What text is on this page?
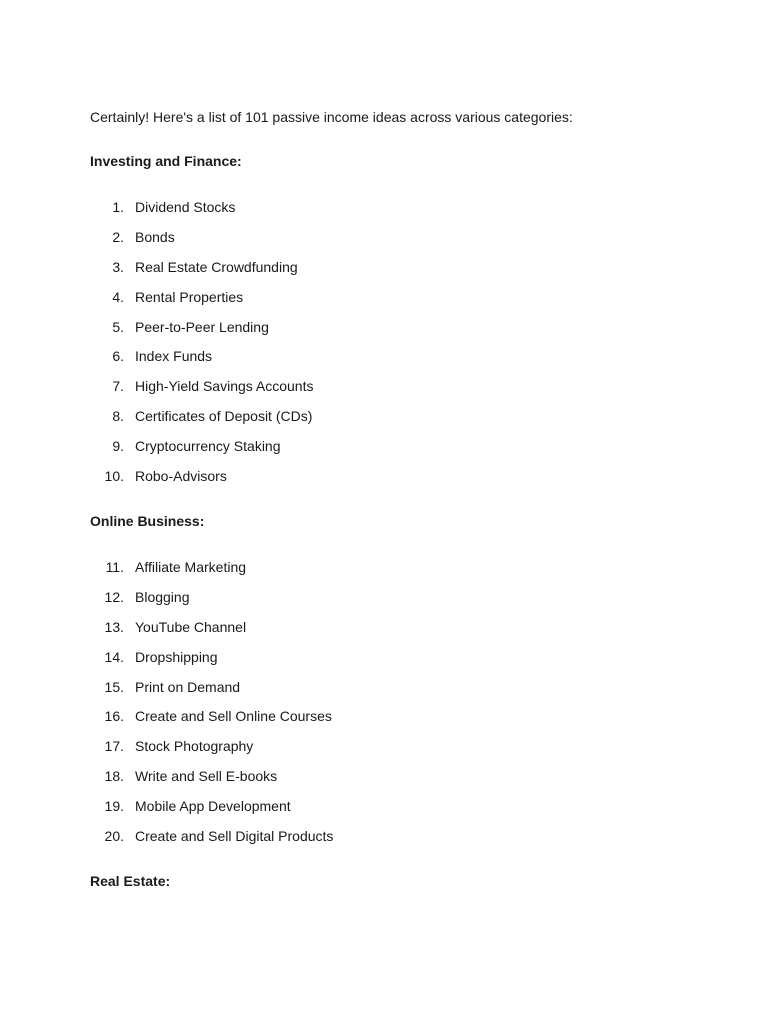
Certainly! Here's a list of 101 passive income ideas across various categories:
Investing and Finance:
1. Dividend Stocks
2. Bonds
3. Real Estate Crowdfunding
4. Rental Properties
5. Peer-to-Peer Lending
6. Index Funds
7. High-Yield Savings Accounts
8. Certificates of Deposit (CDs)
9. Cryptocurrency Staking
10. Robo-Advisors
Online Business:
11. Affiliate Marketing
12. Blogging
13. YouTube Channel
14. Dropshipping
15. Print on Demand
16. Create and Sell Online Courses
17. Stock Photography
18. Write and Sell E-books
19. Mobile App Development
20. Create and Sell Digital Products
Real Estate:
